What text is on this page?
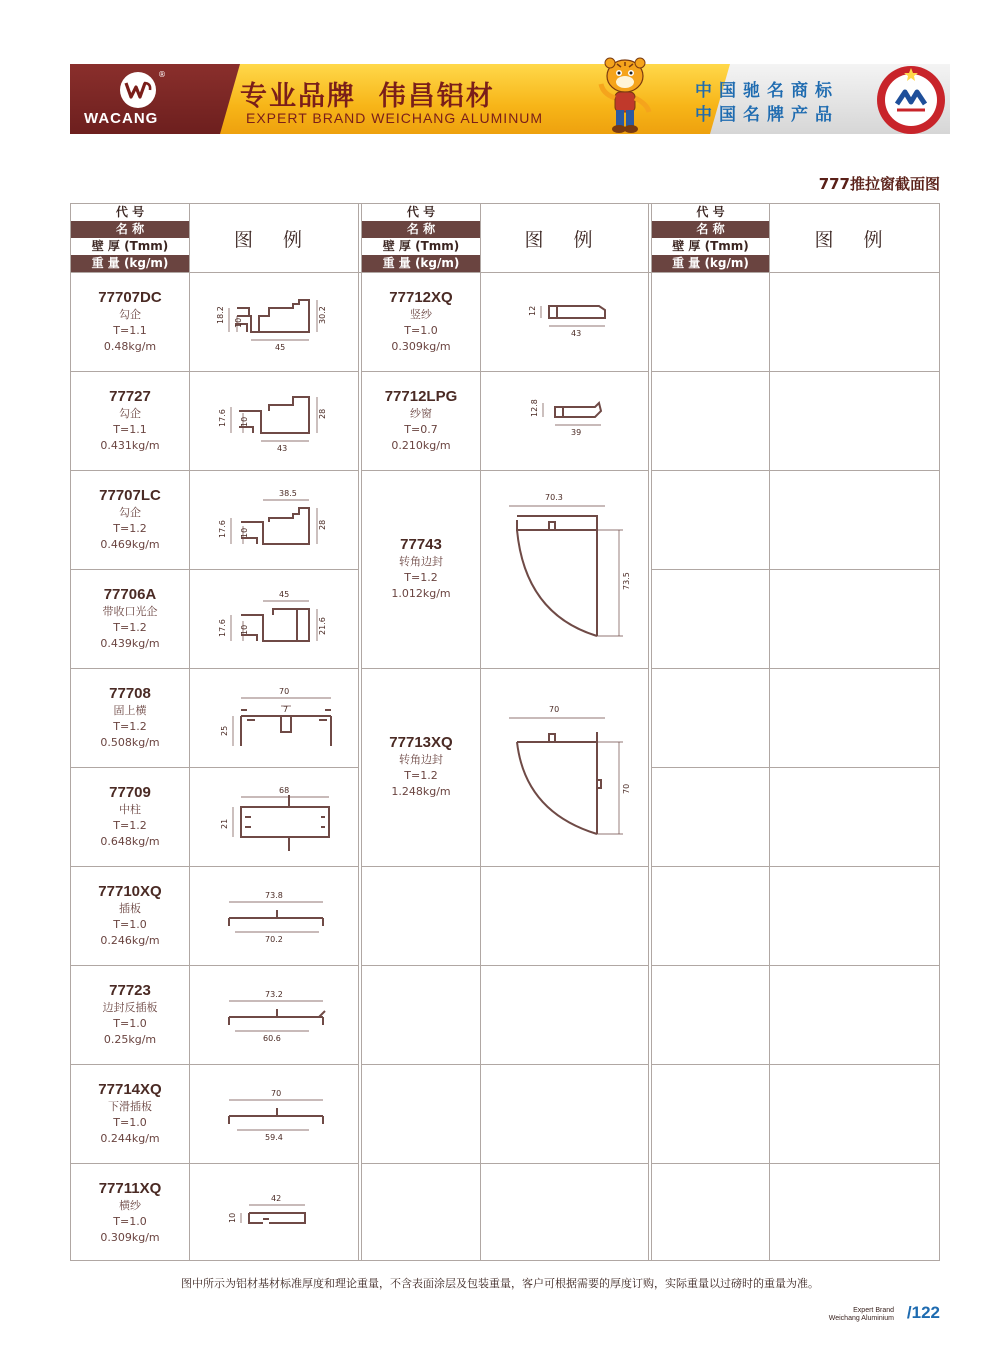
®
WACANG
专业品牌  伟昌铝材
EXPERT BRAND WEICHANG ALUMINUM
中国驰名商标
中国名牌产品
777推拉窗截面图
代 号
名 称
壁 厚 (Tmm)
重 量 (kg/m)
图 例
代 号
名 称
壁 厚 (Tmm)
重 量 (kg/m)
图 例
代 号
名 称
壁 厚 (Tmm)
重 量 (kg/m)
图 例
77707DC
勾企
T=1.1
0.48kg/m
77727
勾企
T=1.1
0.431kg/m
77707LC
勾企
T=1.2
0.469kg/m
77706A
带收口光企
T=1.2
0.439kg/m
77708
固上横
T=1.2
0.508kg/m
77709
中柱
T=1.2
0.648kg/m
77710XQ
插板
T=1.0
0.246kg/m
77723
边封反插板
T=1.0
0.25kg/m
77714XQ
下滑插板
T=1.0
0.244kg/m
77711XQ
横纱
T=1.0
0.309kg/m
18.2 10	30.2
45
17.6 10
28
43
38.5
17.6 10
28
45
17.6 10	21.6
70
7
25
68
21
73.8
70.2
73.2
60.6
70
59.4
42
10
77712XQ
竖纱
T=1.0
0.309kg/m
77712LPG
纱窗
T=0.7
0.210kg/m
77743
转角边封
T=1.2
1.012kg/m
77713XQ
转角边封
T=1.2
1.248kg/m
12
43
12.8
39
70.3
73.5
70
70
图中所示为铝材基材标准厚度和理论重量，不含表面涂层及包装重量，客户可根据需要的厚度订购，实际重量以过磅时的重量为准。
Expert Brand
Weichang Aluminium /122
